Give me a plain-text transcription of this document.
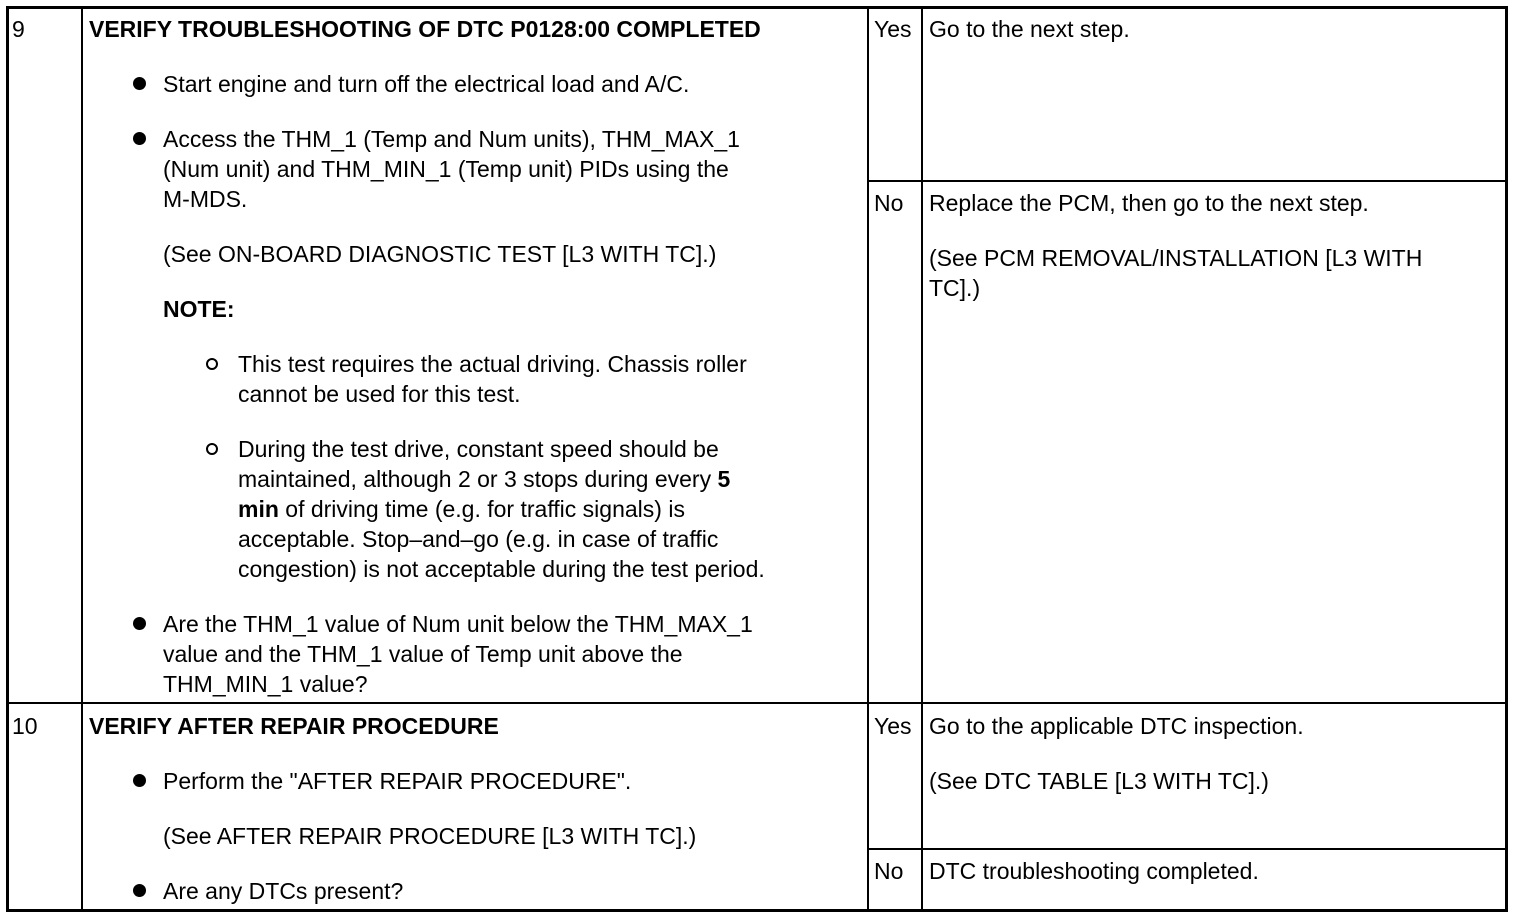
9	VERIFY TROUBLESHOOTING OF DTC P0128:00 COMPLETED
Start engine and turn off the electrical load and A/C.
Access the THM_1 (Temp and Num units), THM_MAX_1
(Num unit) and THM_MIN_1 (Temp unit) PIDs using the
M-MDS.
(See ON-BOARD DIAGNOSTIC TEST [L3 WITH TC].)
NOTE:
This test requires the actual driving. Chassis roller
cannot be used for this test.
During the test drive, constant speed should be
maintained, although 2 or 3 stops during every 5
min of driving time (e.g. for traffic signals) is
acceptable. Stop–and–go (e.g. in case of traffic
congestion) is not acceptable during the test period.
Are the THM_1 value of Num unit below the THM_MAX_1
value and the THM_1 value of Temp unit above the
THM_MIN_1 value?
Yes Go to the next step.
No Replace the PCM, then go to the next step.
(See PCM REMOVAL/INSTALLATION [L3 WITH
TC].)
10 VERIFY AFTER REPAIR PROCEDURE
Perform the "AFTER REPAIR PROCEDURE".
(See AFTER REPAIR PROCEDURE [L3 WITH TC].)
Are any DTCs present?
Yes Go to the applicable DTC inspection.
(See DTC TABLE [L3 WITH TC].)
No DTC troubleshooting completed.
